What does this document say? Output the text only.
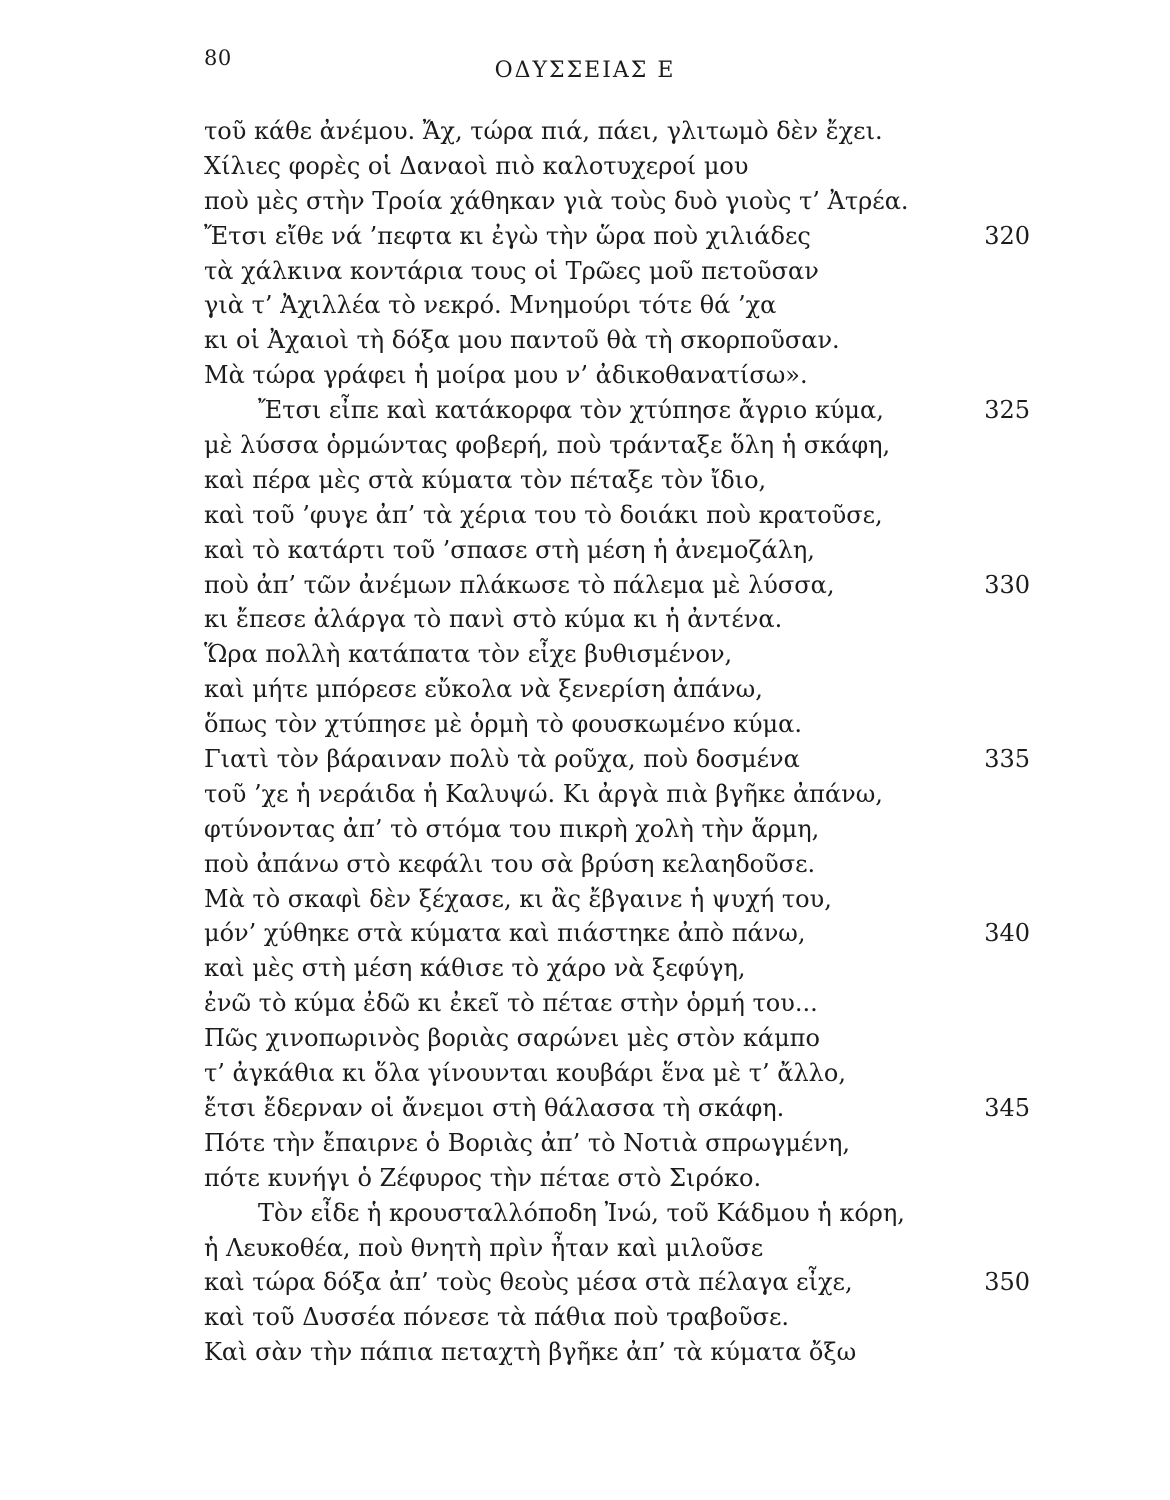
80	ΟΔΥΣΣΕΙΑΣ Ε
τοῦ κάθε ἀνέμου. Ἄχ, τώρα πιά, πάει, γλιτωμὸ δὲν ἔχει.
Χίλιες φορὲς οἱ Δαναοὶ πιὸ καλοτυχεροί μου
ποὺ μὲς στὴν Τροία χάθηκαν γιὰ τοὺς δυὸ γιοὺς τ’ Ἀτρέα.
Ἔτσι εἴθε νά ’πεφτα κι ἐγὼ τὴν ὥρα ποὺ χιλιάδες	320
τὰ χάλκινα κοντάρια τους οἱ Τρῶες μοῦ πετοῦσαν
γιὰ τ’ Ἀχιλλέα τὸ νεκρό. Μνημούρι τότε θά ’χα
κι οἱ Ἀχαιοὶ τὴ δόξα μου παντοῦ θὰ τὴ σκορποῦσαν.
Μὰ τώρα γράφει ἡ μοίρα μου ν’ ἀδικοθανατίσω».
Ἔτσι εἶπε καὶ κατάκορφα τὸν χτύπησε ἄγριο κύμα,	325
μὲ λύσσα ὁρμώντας φοβερή, ποὺ τράνταξε ὅλη ἡ σκάφη,
καὶ πέρα μὲς στὰ κύματα τὸν πέταξε τὸν ἴδιο,
καὶ τοῦ ’φυγε ἀπ’ τὰ χέρια του τὸ δοιάκι ποὺ κρατοῦσε,
καὶ τὸ κατάρτι τοῦ ’σπασε στὴ μέση ἡ ἀνεμοζάλη,
ποὺ ἀπ’ τῶν ἀνέμων πλάκωσε τὸ πάλεμα μὲ λύσσα,	330
κι ἔπεσε ἀλάργα τὸ πανὶ στὸ κύμα κι ἡ ἀντένα.
Ὥρα πολλὴ κατάπατα τὸν εἶχε βυθισμένον,
καὶ μήτε μπόρεσε εὔκολα νὰ ξενερίση ἀπάνω,
ὅπως τὸν χτύπησε μὲ ὁρμὴ τὸ φουσκωμένο κύμα.
Γιατὶ τὸν βάραιναν πολὺ τὰ ροῦχα, ποὺ δοσμένα	335
τοῦ ’χε ἡ νεράιδα ἡ Καλυψώ. Κι ἀργὰ πιὰ βγῆκε ἀπάνω,
φτύνοντας ἀπ’ τὸ στόμα του πικρὴ χολὴ τὴν ἅρμη,
ποὺ ἀπάνω στὸ κεφάλι του σὰ βρύση κελαηδοῦσε.
Μὰ τὸ σκαφὶ δὲν ξέχασε, κι ἂς ἔβγαινε ἡ ψυχή του,
μόν’ χύθηκε στὰ κύματα καὶ πιάστηκε ἀπὸ πάνω,	340
καὶ μὲς στὴ μέση κάθισε τὸ χάρο νὰ ξεφύγη,
ἐνῶ τὸ κύμα ἐδῶ κι ἐκεῖ τὸ πέταε στὴν ὁρμή του...
Πῶς χινοπωρινὸς βοριὰς σαρώνει μὲς στὸν κάμπο
τ’ ἀγκάθια κι ὅλα γίνουνται κουβάρι ἕνα μὲ τ’ ἄλλο,
ἔτσι ἔδερναν οἱ ἄνεμοι στὴ θάλασσα τὴ σκάφη.	345
Πότε τὴν ἔπαιρνε ὁ Βοριὰς ἀπ’ τὸ Νοτιὰ σπρωγμένη,
πότε κυνήγι ὁ Ζέφυρος τὴν πέταε στὸ Σιρόκο.
Τὸν εἶδε ἡ κρουσταλλόποδη Ἰνώ, τοῦ Κάδμου ἡ κόρη,
ἡ Λευκοθέα, ποὺ θνητὴ πρὶν ἦταν καὶ μιλοῦσε
καὶ τώρα δόξα ἀπ’ τοὺς θεοὺς μέσα στὰ πέλαγα εἶχε,	350
καὶ τοῦ Δυσσέα πόνεσε τὰ πάθια ποὺ τραβοῦσε.
Καὶ σὰν τὴν πάπια πεταχτὴ βγῆκε ἀπ’ τὰ κύματα ὄξω
